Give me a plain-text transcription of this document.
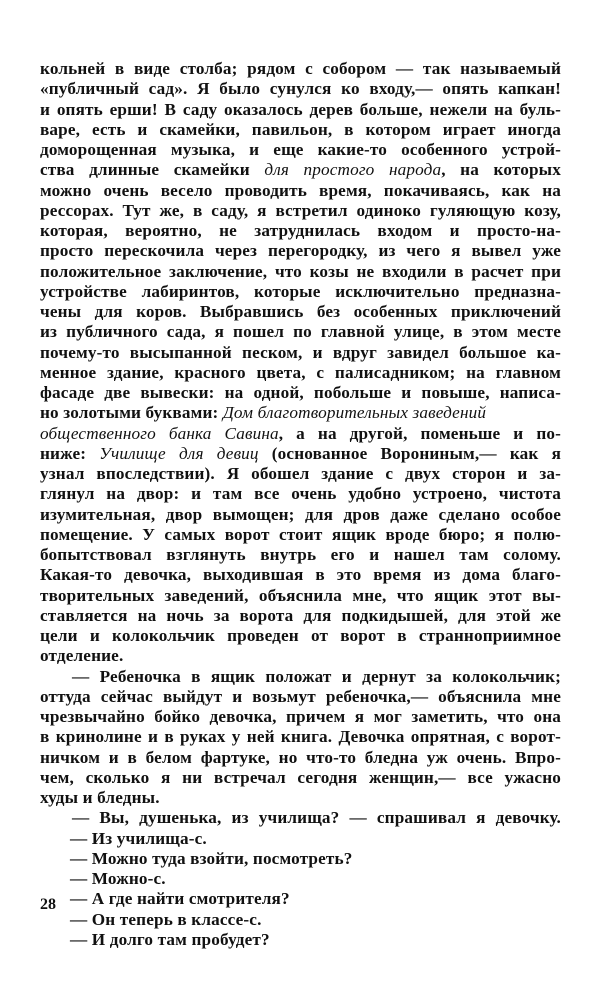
кольней в виде столба; рядом с собором — так называемый
«публичный сад». Я было сунулся ко входу,— опять капкан!
и опять ерши! В саду оказалось дерев больше, нежели на буль-
варе, есть и скамейки, павильон, в котором играет иногда
доморощенная музыка, и еще какие-то особенного устрой-
ства длинные скамейки для простого народа, на которых
можно очень весело проводить время, покачиваясь, как на
рессорах. Тут же, в саду, я встретил одиноко гуляющую козу,
которая, вероятно, не затруднилась входом и просто-на-
просто перескочила через перегородку, из чего я вывел уже
положительное заключение, что козы не входили в расчет при
устройстве лабиринтов, которые исключительно предназна-
чены для коров. Выбравшись без особенных приключений
из публичного сада, я пошел по главной улице, в этом месте
почему-то высыпанной песком, и вдруг завидел большое ка-
менное здание, красного цвета, с палисадником; на главном
фасаде две вывески: на одной, побольше и повыше, написа-
но золотыми буквами: Дом благотворительных заведений
общественного банка Савина, а на другой, поменьше и по-
ниже: Училище для девиц (основанное Ворониным,— как я
узнал впоследствии). Я обошел здание с двух сторон и за-
глянул на двор: и там все очень удобно устроено, чистота
изумительная, двор вымощен; для дров даже сделано особое
помещение. У самых ворот стоит ящик вроде бюро; я полю-
бопытствовал взглянуть внутрь его и нашел там солому.
Какая-то девочка, выходившая в это время из дома благо-
творительных заведений, объяснила мне, что ящик этот вы-
ставляется на ночь за ворота для подкидышей, для этой же
цели и колокольчик проведен от ворот в странноприимное
отделение.
— Ребеночка в ящик положат и дернут за колокольчик;
оттуда сейчас выйдут и возьмут ребеночка,— объяснила мне
чрезвычайно бойко девочка, причем я мог заметить, что она
в кринолине и в руках у ней книга. Девочка опрятная, с ворот-
ничком и в белом фартуке, но что-то бледна уж очень. Впро-
чем, сколько я ни встречал сегодня женщин,— все ужасно
худы и бледны.
— Вы, душенька, из училища? — спрашивал я девочку.
— Из училища-с.
— Можно туда взойти, посмотреть?
— Можно-с.
— А где найти смотрителя?
— Он теперь в классе-с.
— И долго там пробудет?
28
